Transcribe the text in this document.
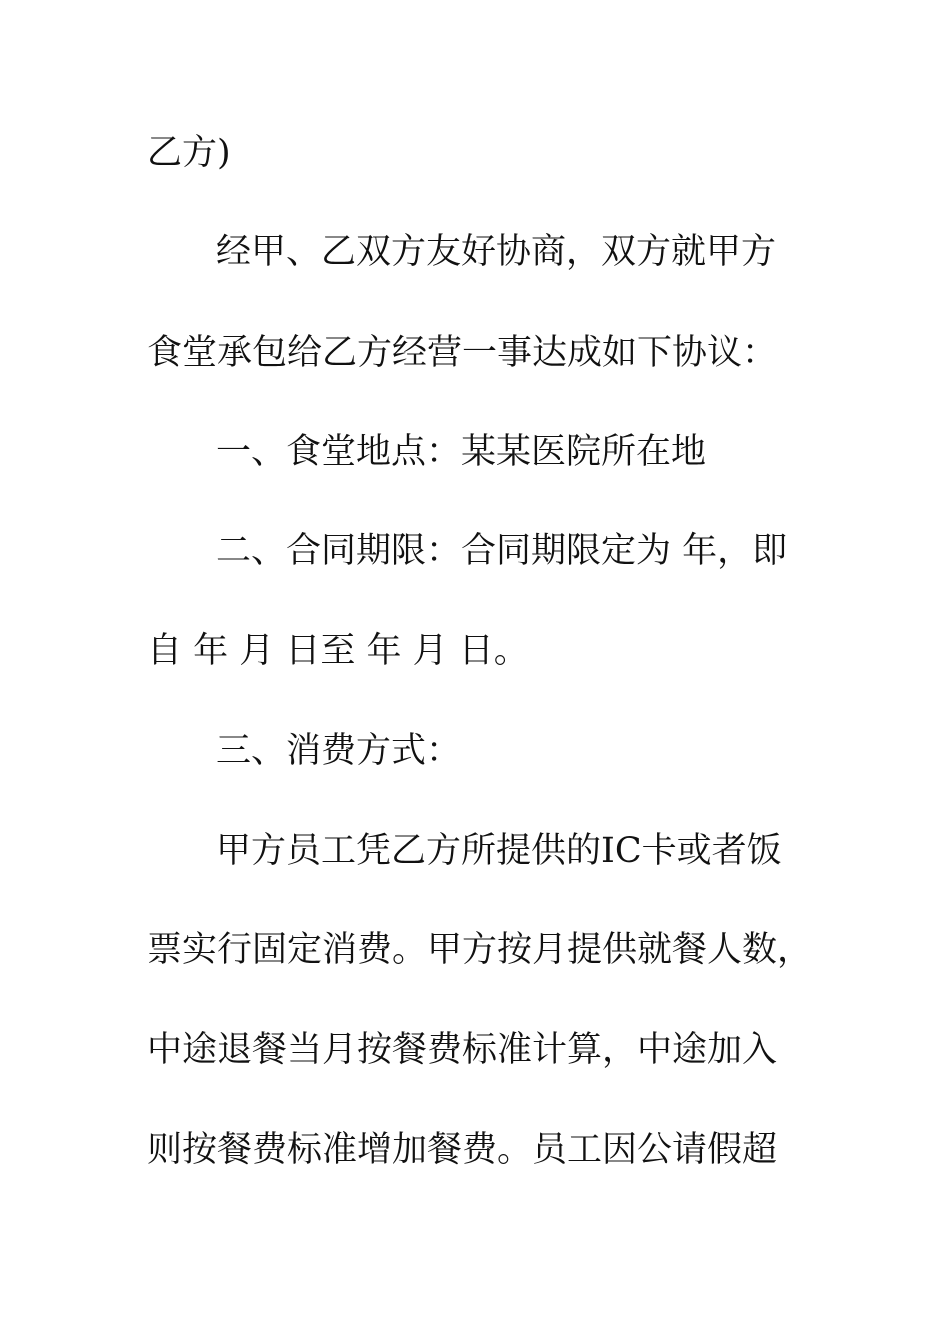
乙方)
经甲、乙双方友好协商，双方就甲方
食堂承包给乙方经营一事达成如下协议：
一、食堂地点：某某医院所在地
二、合同期限：合同期限定为 年，即
自 年 月 日至 年 月 日。
三、消费方式：
甲方员工凭乙方所提供的IC卡或者饭
票实行固定消费。甲方按月提供就餐人数，
中途退餐当月按餐费标准计算，中途加入
则按餐费标准增加餐费。员工因公请假超
